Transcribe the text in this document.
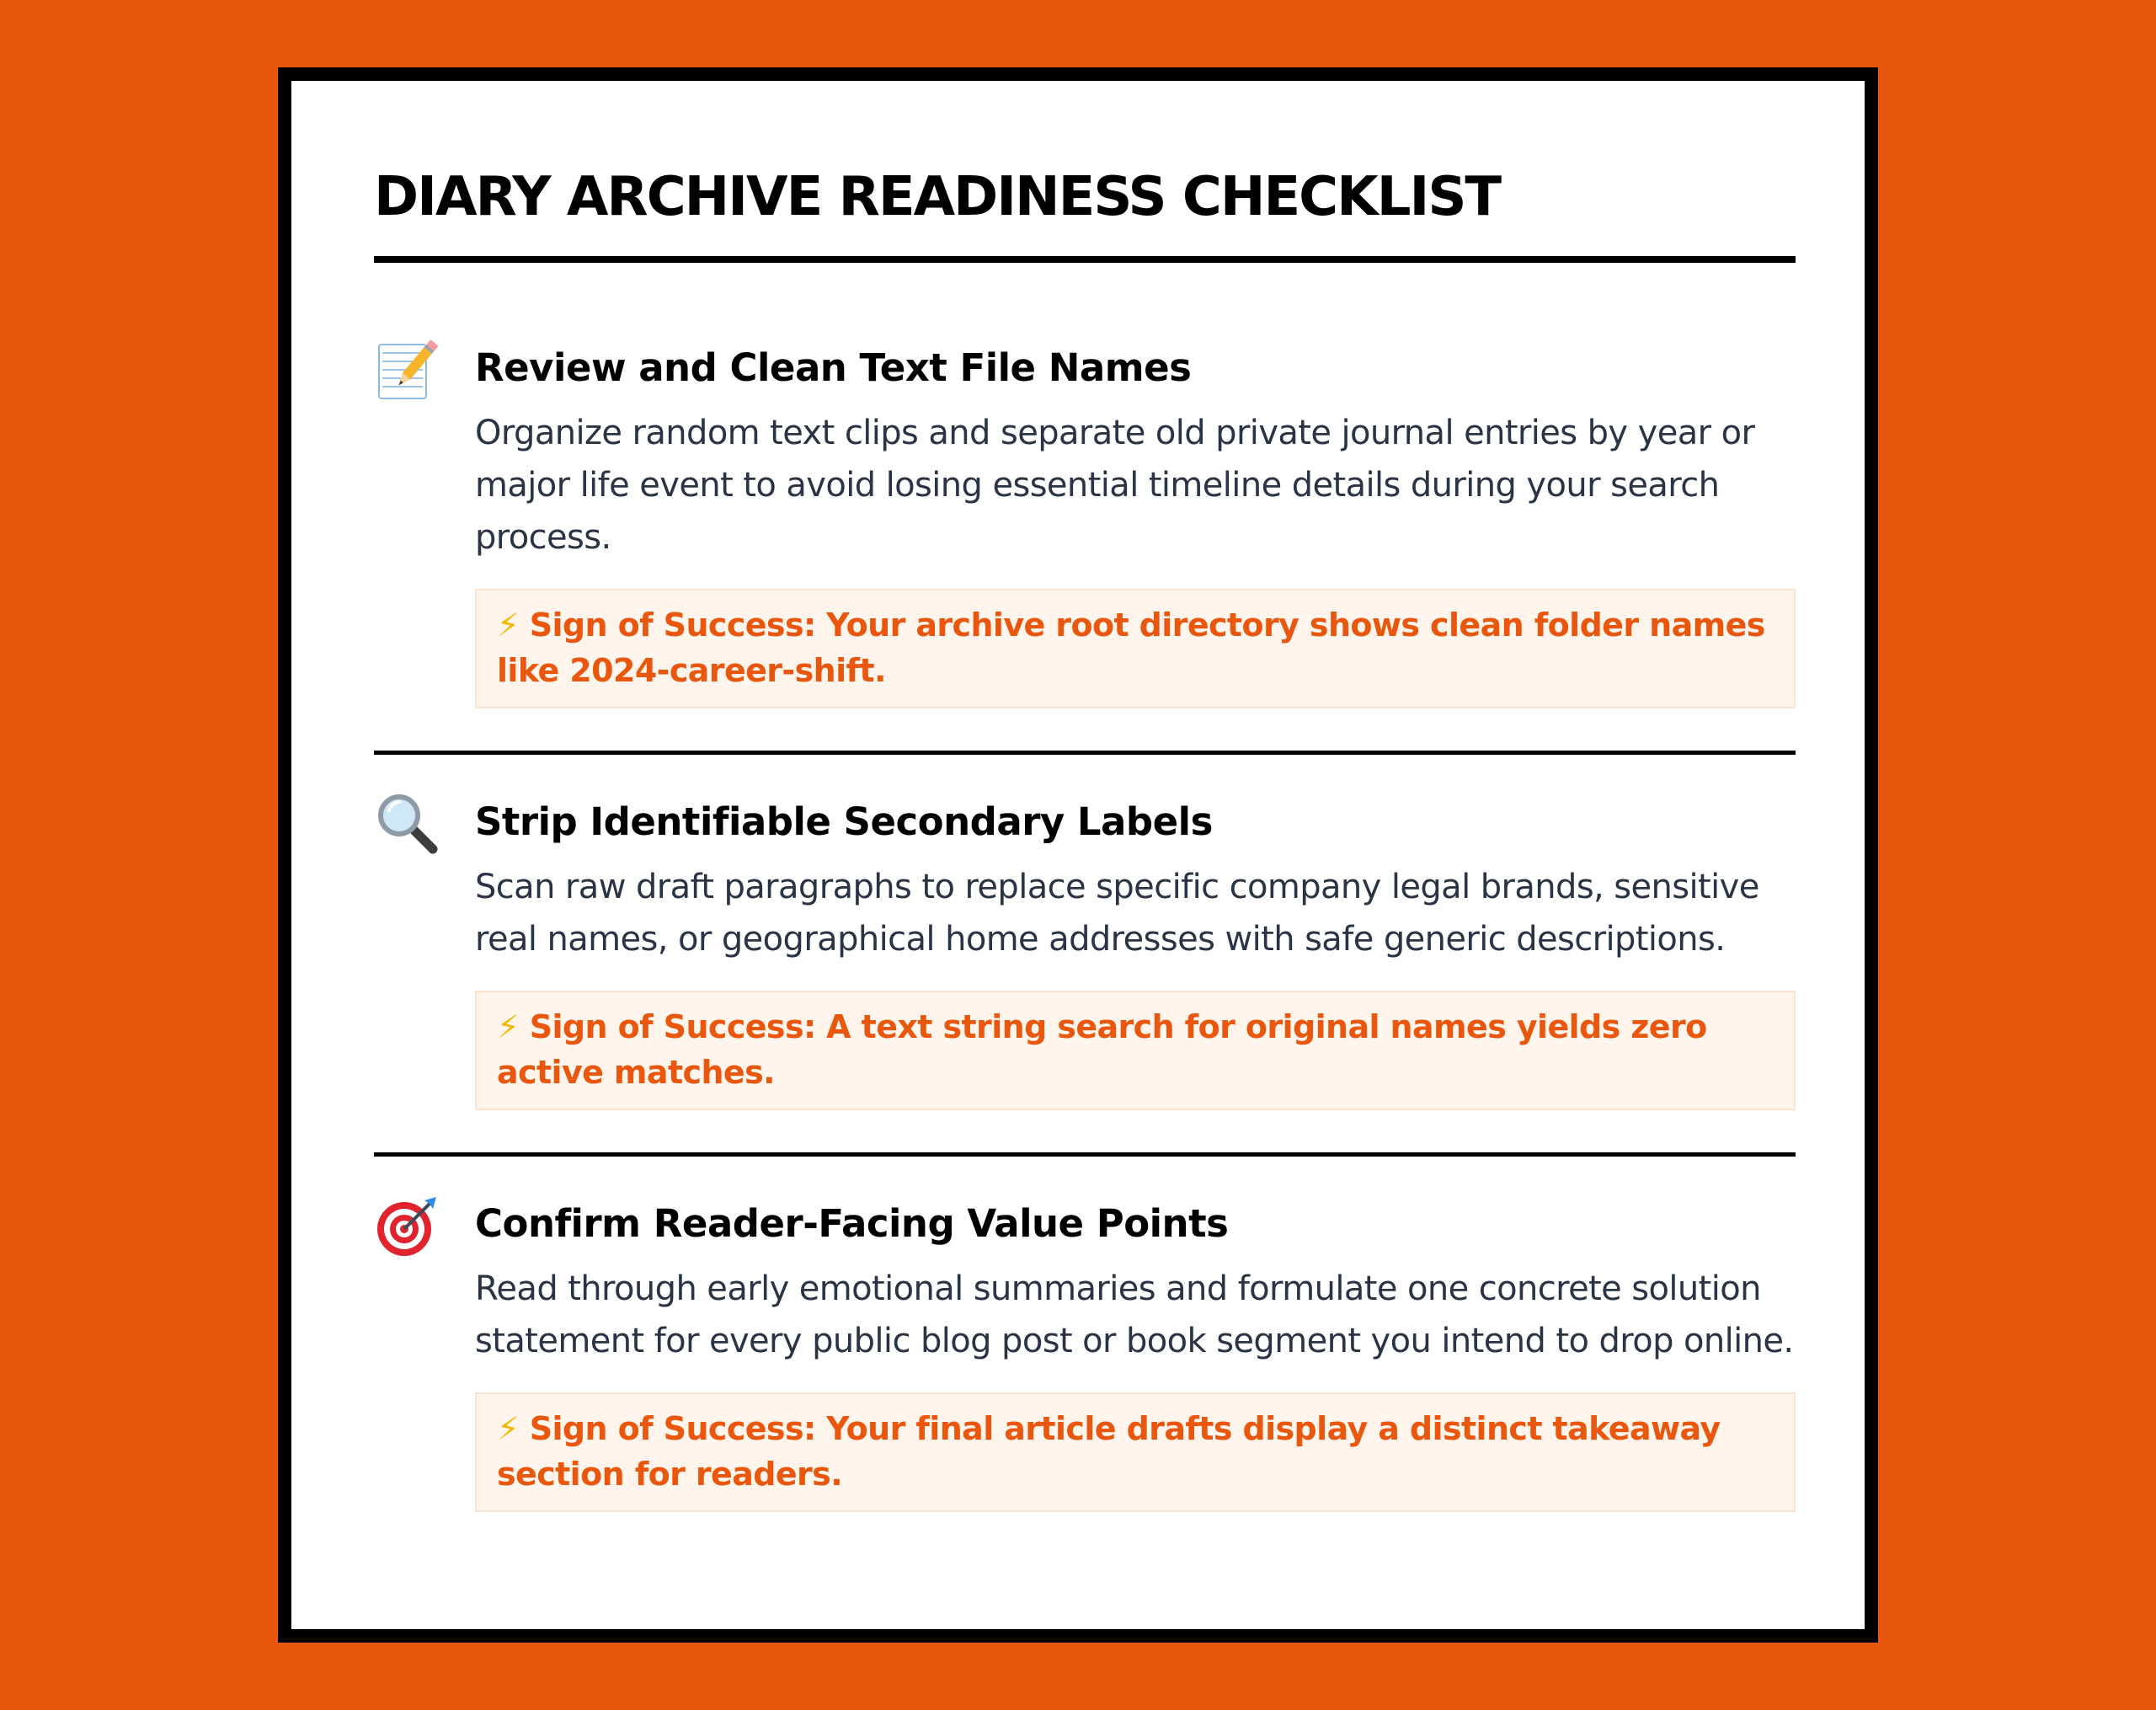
DIARY ARCHIVE READINESS CHECKLIST
Review and Clean Text File Names
Organize random text clips and separate old private journal entries by year or major life event to avoid losing essential timeline details during your search process.
⚡ Sign of Success: Your archive root directory shows clean folder names like 2024-career-shift.
Strip Identifiable Secondary Labels
Scan raw draft paragraphs to replace specific company legal brands, sensitive real names, or geographical home addresses with safe generic descriptions.
⚡ Sign of Success: A text string search for original names yields zero active matches.
Confirm Reader-Facing Value Points
Read through early emotional summaries and formulate one concrete solution statement for every public blog post or book segment you intend to drop online.
⚡ Sign of Success: Your final article drafts display a distinct takeaway section for readers.
